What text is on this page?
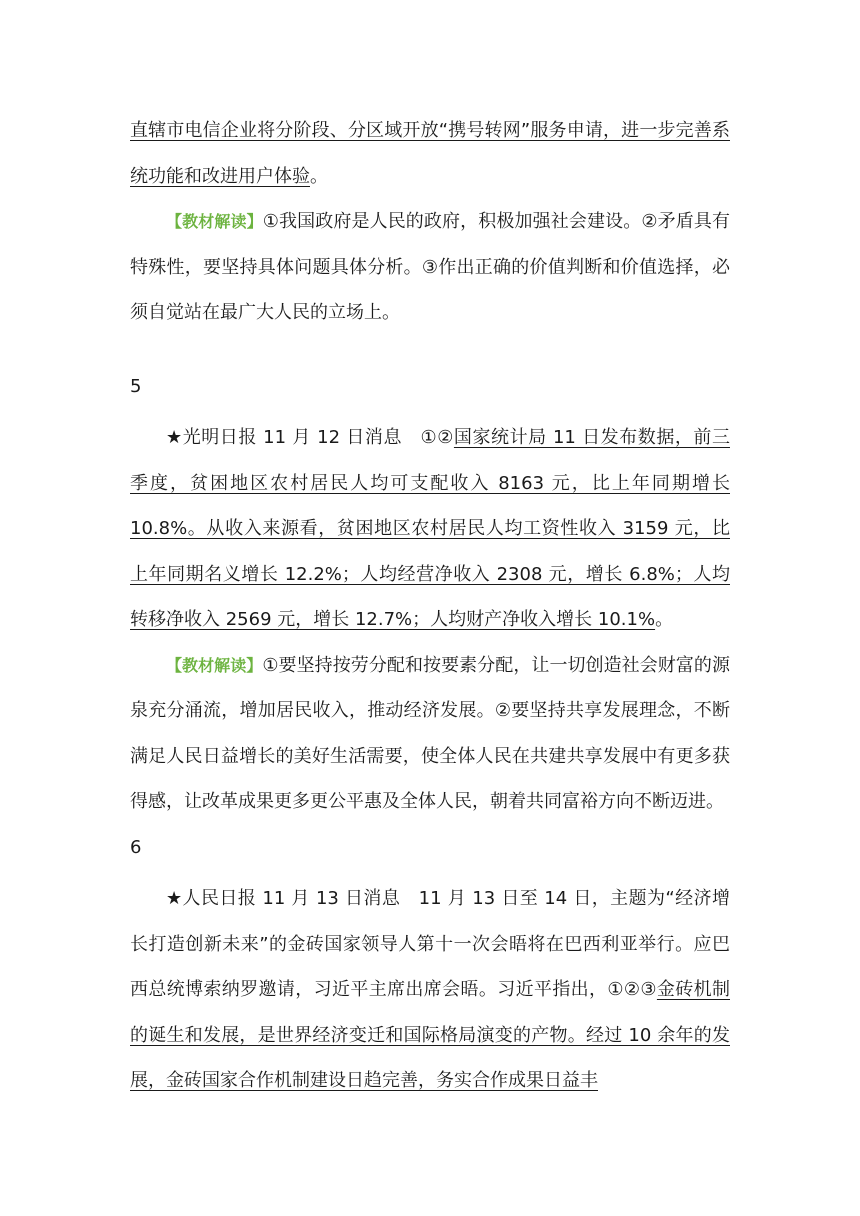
直辖市电信企业将分阶段、分区域开放“携号转网”服务申请，进一步完善系统功能和改进用户体验。

【教材解读】①我国政府是人民的政府，积极加强社会建设。②矛盾具有特殊性，要坚持具体问题具体分析。③作出正确的价值判断和价值选择，必须自觉站在最广大人民的立场上。

5

★光明日报 11 月 12 日消息　①②国家统计局 11 日发布数据，前三季度，贫困地区农村居民人均可支配收入 8163 元，比上年同期增长 10.8%。从收入来源看，贫困地区农村居民人均工资性收入 3159 元，比上年同期名义增长 12.2%；人均经营净收入 2308 元，增长 6.8%；人均转移净收入 2569 元，增长 12.7%；人均财产净收入增长 10.1%。

【教材解读】①要坚持按劳分配和按要素分配，让一切创造社会财富的源泉充分涌流，增加居民收入，推动经济发展。②要坚持共享发展理念，不断满足人民日益增长的美好生活需要，使全体人民在共建共享发展中有更多获得感，让改革成果更多更公平惠及全体人民，朝着共同富裕方向不断迈进。

6

★人民日报 11 月 13 日消息　11 月 13 日至 14 日，主题为“经济增长打造创新未来”的金砖国家领导人第十一次会晤将在巴西利亚举行。应巴西总统博索纳罗邀请，习近平主席出席会晤。习近平指出，①②③金砖机制的诞生和发展，是世界经济变迁和国际格局演变的产物。经过 10 余年的发展，金砖国家合作机制建设日趋完善，务实合作成果日益丰
